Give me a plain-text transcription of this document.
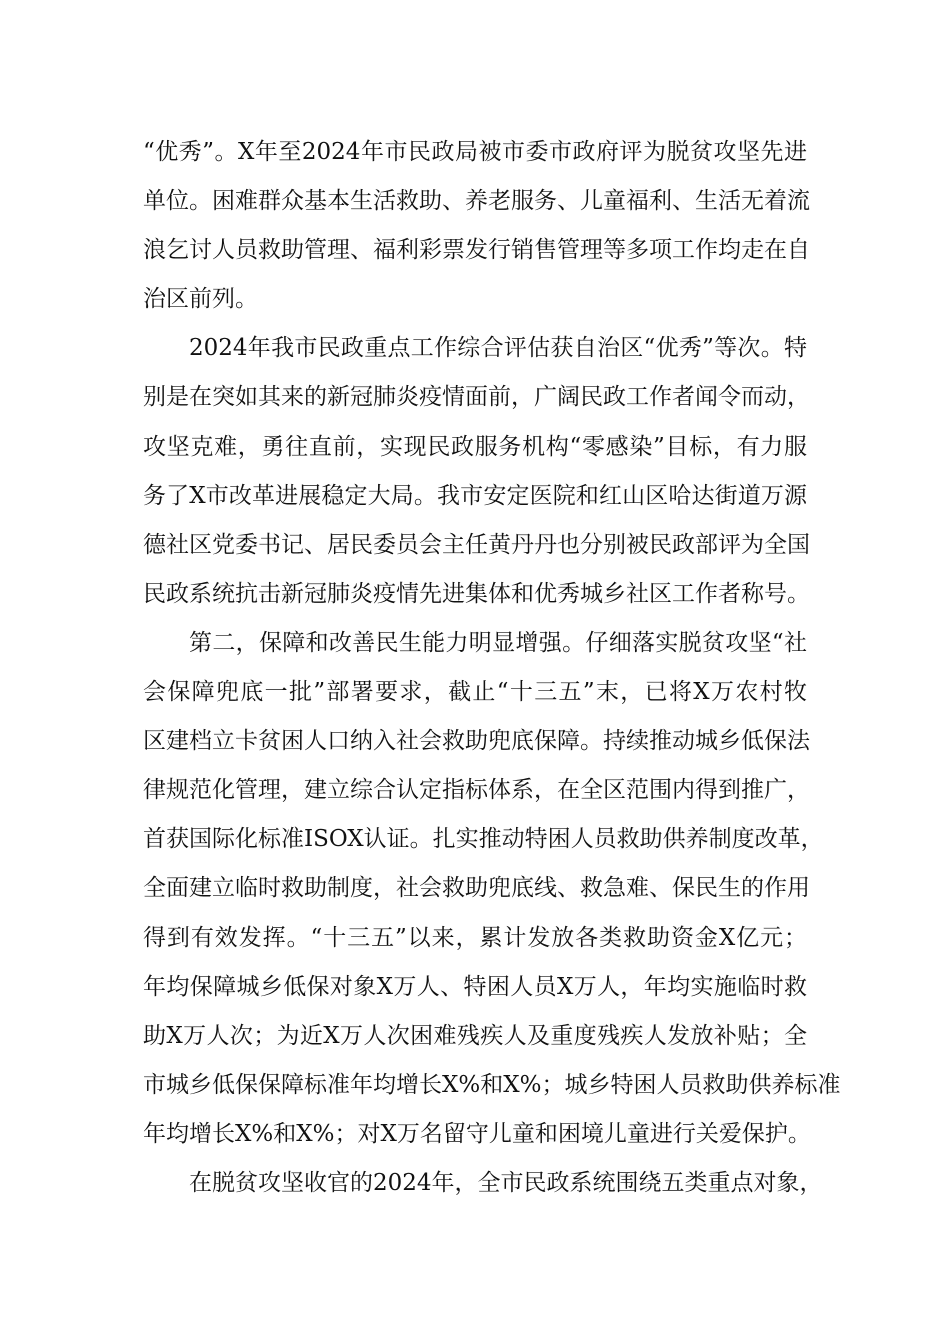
“优秀”。X年至2024年市民政局被市委市政府评为脱贫攻坚先进
单位。困难群众基本生活救助、养老服务、儿童福利、生活无着流
浪乞讨人员救助管理、福利彩票发行销售管理等多项工作均走在自
治区前列。
2024年我市民政重点工作综合评估获自治区“优秀”等次。特
别是在突如其来的新冠肺炎疫情面前，广阔民政工作者闻令而动，
攻坚克难，勇往直前，实现民政服务机构“零感染”目标，有力服
务了X市改革进展稳定大局。我市安定医院和红山区哈达街道万源
德社区党委书记、居民委员会主任黄丹丹也分别被民政部评为全国
民政系统抗击新冠肺炎疫情先进集体和优秀城乡社区工作者称号。
第二，保障和改善民生能力明显增强。仔细落实脱贫攻坚“社
会保障兜底一批”部署要求，截止“十三五”末，已将X万农村牧
区建档立卡贫困人口纳入社会救助兜底保障。持续推动城乡低保法
律规范化管理，建立综合认定指标体系，在全区范围内得到推广，
首获国际化标准ISOX认证。扎实推动特困人员救助供养制度改革，
全面建立临时救助制度，社会救助兜底线、救急难、保民生的作用
得到有效发挥。“十三五”以来，累计发放各类救助资金X亿元；
年均保障城乡低保对象X万人、特困人员X万人，年均实施临时救
助X万人次；为近X万人次困难残疾人及重度残疾人发放补贴；全
市城乡低保保障标准年均增长X%和X%；城乡特困人员救助供养标准
年均增长X%和X%；对X万名留守儿童和困境儿童进行关爱保护。
在脱贫攻坚收官的2024年，全市民政系统围绕五类重点对象，
